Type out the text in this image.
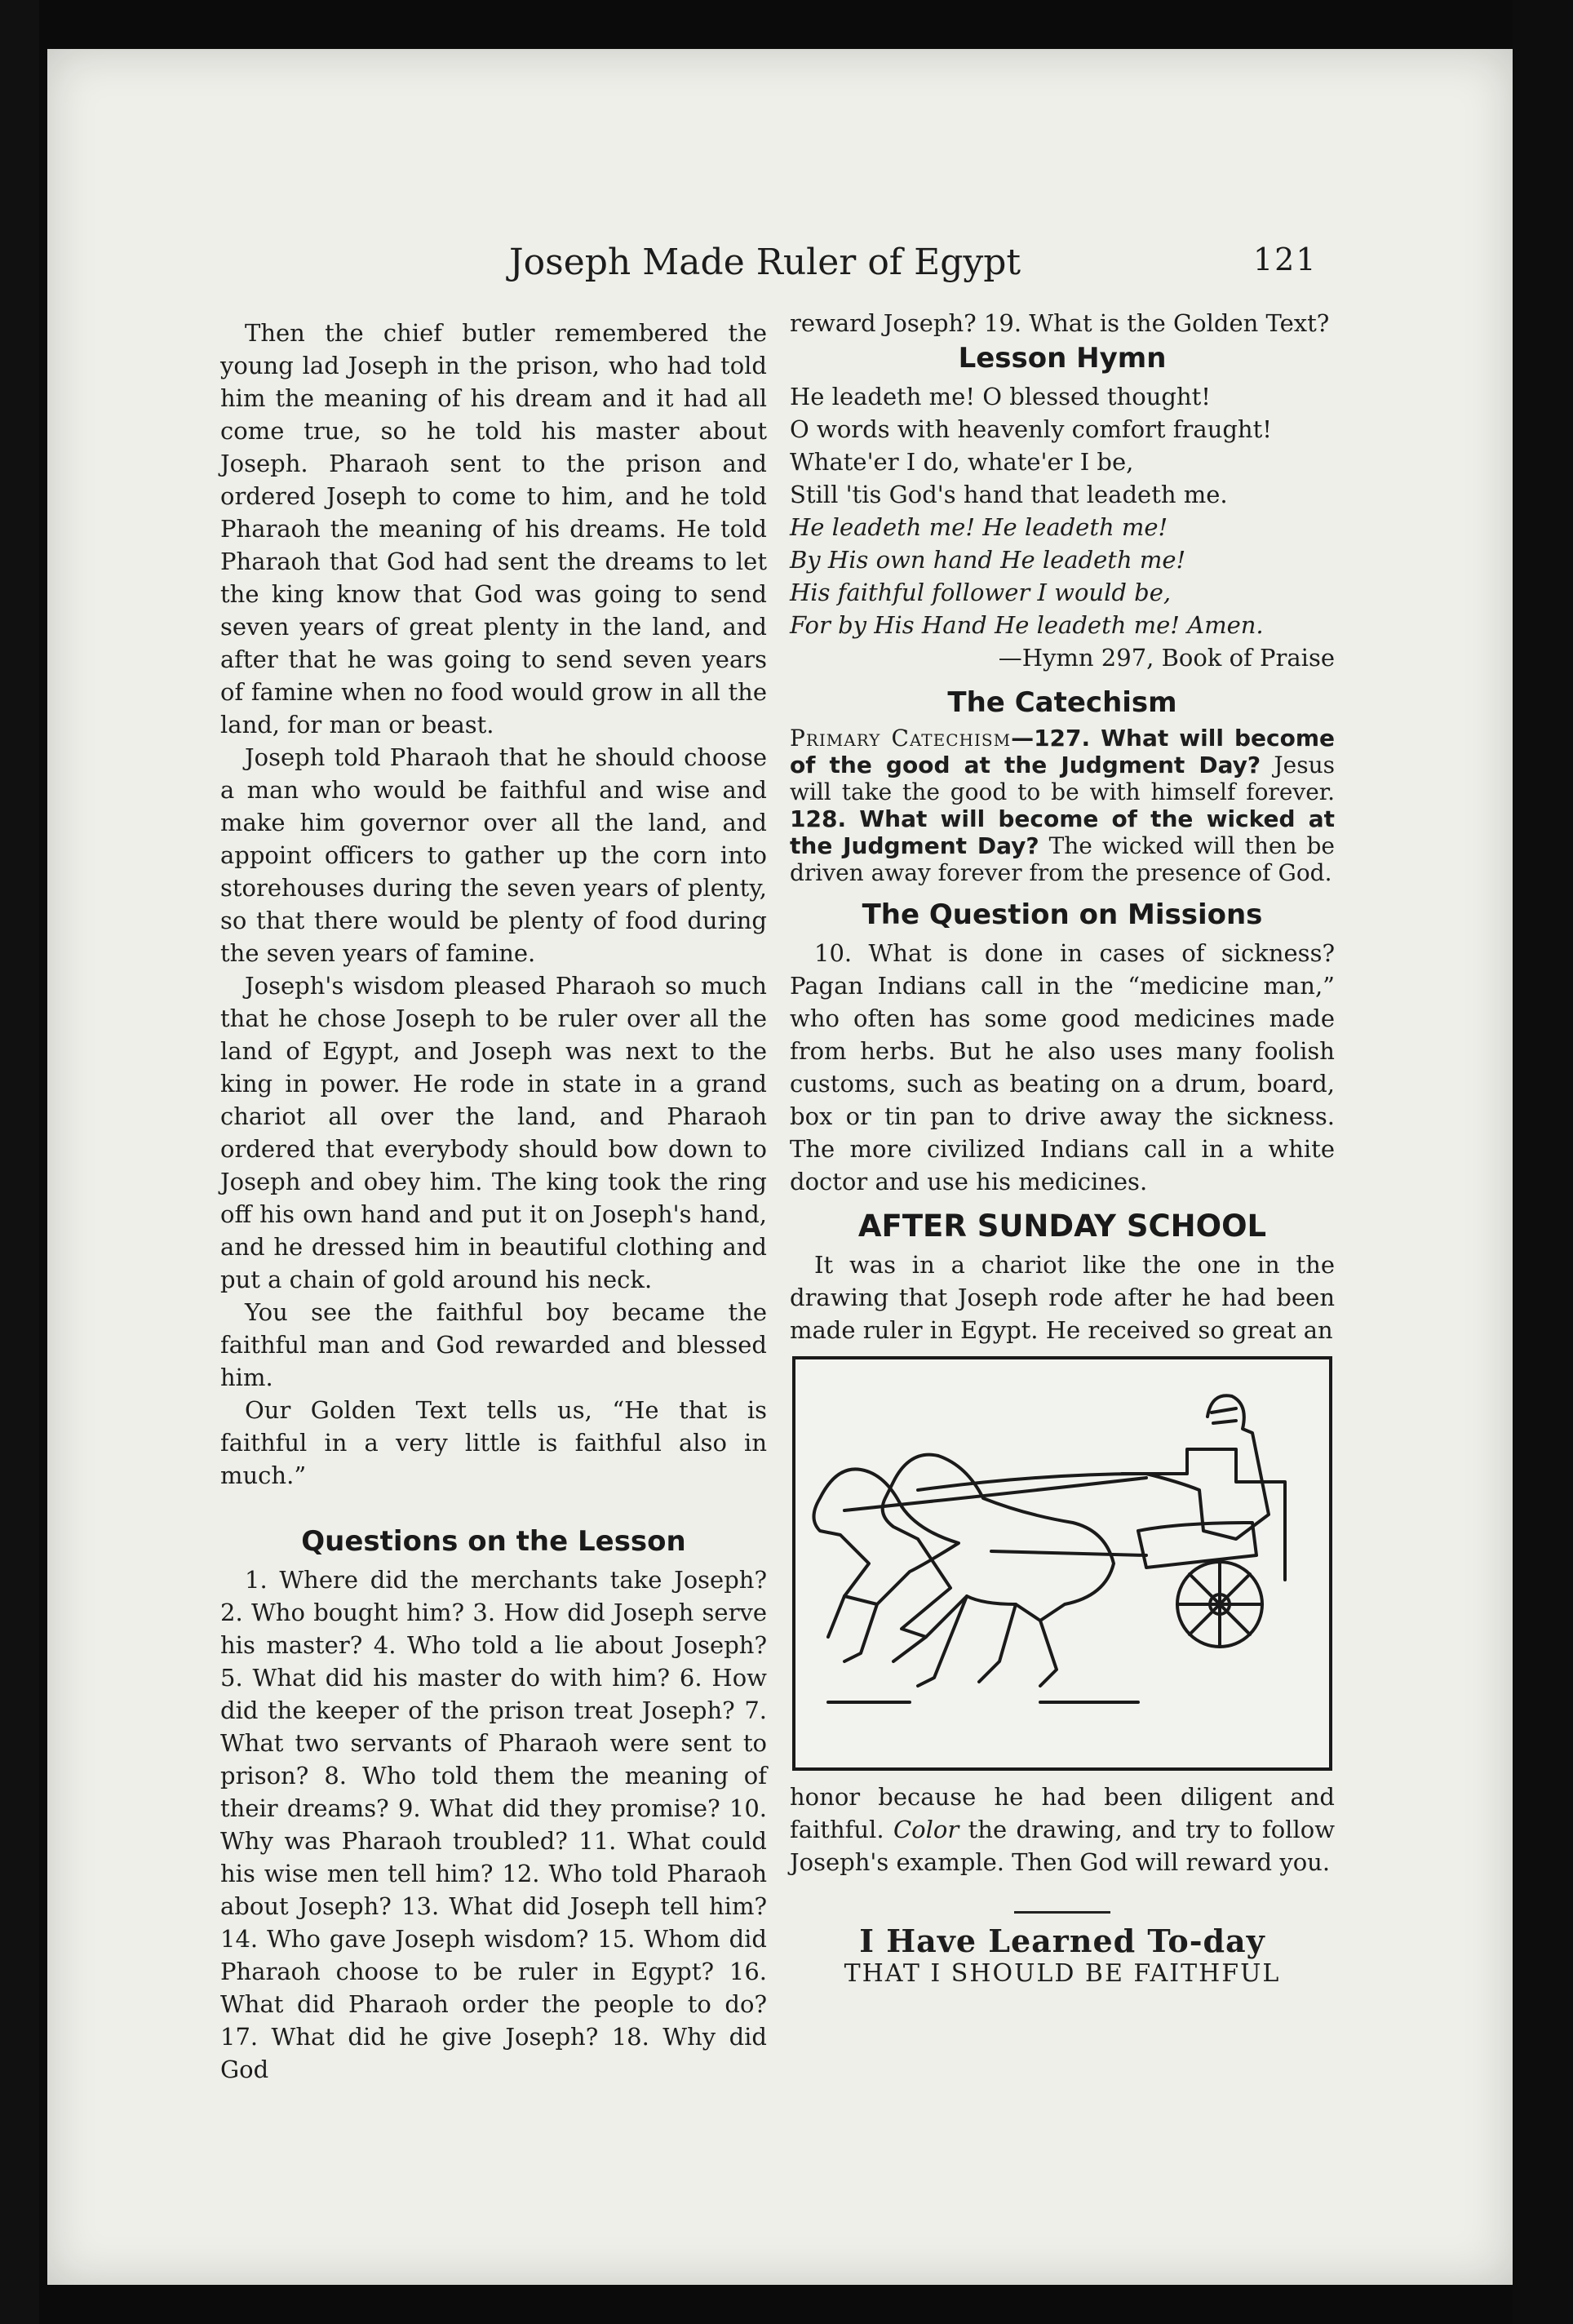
Joseph Made Ruler of Egypt	121

Then the chief butler remembered the young lad Joseph in the prison, who had told him the meaning of his dream and it had all come true, so he told his master about Joseph. Pharaoh sent to the prison and ordered Joseph to come to him, and he told Pharaoh the meaning of his dreams. He told Pharaoh that God had sent the dreams to let the king know that God was going to send seven years of great plenty in the land, and after that he was going to send seven years of famine when no food would grow in all the land, for man or beast.

Joseph told Pharaoh that he should choose a man who would be faithful and wise and make him governor over all the land, and appoint officers to gather up the corn into storehouses during the seven years of plenty, so that there would be plenty of food during the seven years of famine.

Joseph's wisdom pleased Pharaoh so much that he chose Joseph to be ruler over all the land of Egypt, and Joseph was next to the king in power. He rode in state in a grand chariot all over the land, and Pharaoh ordered that everybody should bow down to Joseph and obey him. The king took the ring off his own hand and put it on Joseph's hand, and he dressed him in beautiful clothing and put a chain of gold around his neck.

You see the faithful boy became the faithful man and God rewarded and blessed him.

Our Golden Text tells us, “He that is faithful in a very little is faithful also in much.”

Questions on the Lesson

1. Where did the merchants take Joseph? 2. Who bought him? 3. How did Joseph serve his master? 4. Who told a lie about Joseph? 5. What did his master do with him? 6. How did the keeper of the prison treat Joseph? 7. What two servants of Pharaoh were sent to prison? 8. Who told them the meaning of their dreams? 9. What did they promise? 10. Why was Pharaoh troubled? 11. What could his wise men tell him? 12. Who told Pharaoh about Joseph? 13. What did Joseph tell him? 14. Who gave Joseph wisdom? 15. Whom did Pharaoh choose to be ruler in Egypt? 16. What did Pharaoh order the people to do? 17. What did he give Joseph? 18. Why did God

reward Joseph? 19. What is the Golden Text?

Lesson Hymn

He leadeth me! O blessed thought!

O words with heavenly comfort fraught!

Whate'er I do, whate'er I be,

Still 'tis God's hand that leadeth me.

He leadeth me! He leadeth me!

By His own hand He leadeth me!

His faithful follower I would be,

For by His Hand He leadeth me! Amen.

—Hymn 297, Book of Praise

The Catechism

Primary Catechism—127. What will become of the good at the Judgment Day? Jesus will take the good to be with himself forever. 128. What will become of the wicked at the Judgment Day? The wicked will then be driven away forever from the presence of God.

The Question on Missions

10. What is done in cases of sickness? Pagan Indians call in the “medicine man,” who often has some good medicines made from herbs. But he also uses many foolish customs, such as beating on a drum, board, box or tin pan to drive away the sickness. The more civilized Indians call in a white doctor and use his medicines.

AFTER SUNDAY SCHOOL

It was in a chariot like the one in the drawing that Joseph rode after he had been made ruler in Egypt. He received so great an

honor because he had been diligent and faithful. Color the drawing, and try to follow Joseph's example. Then God will reward you.

I Have Learned To-day

THAT I SHOULD BE FAITHFUL
